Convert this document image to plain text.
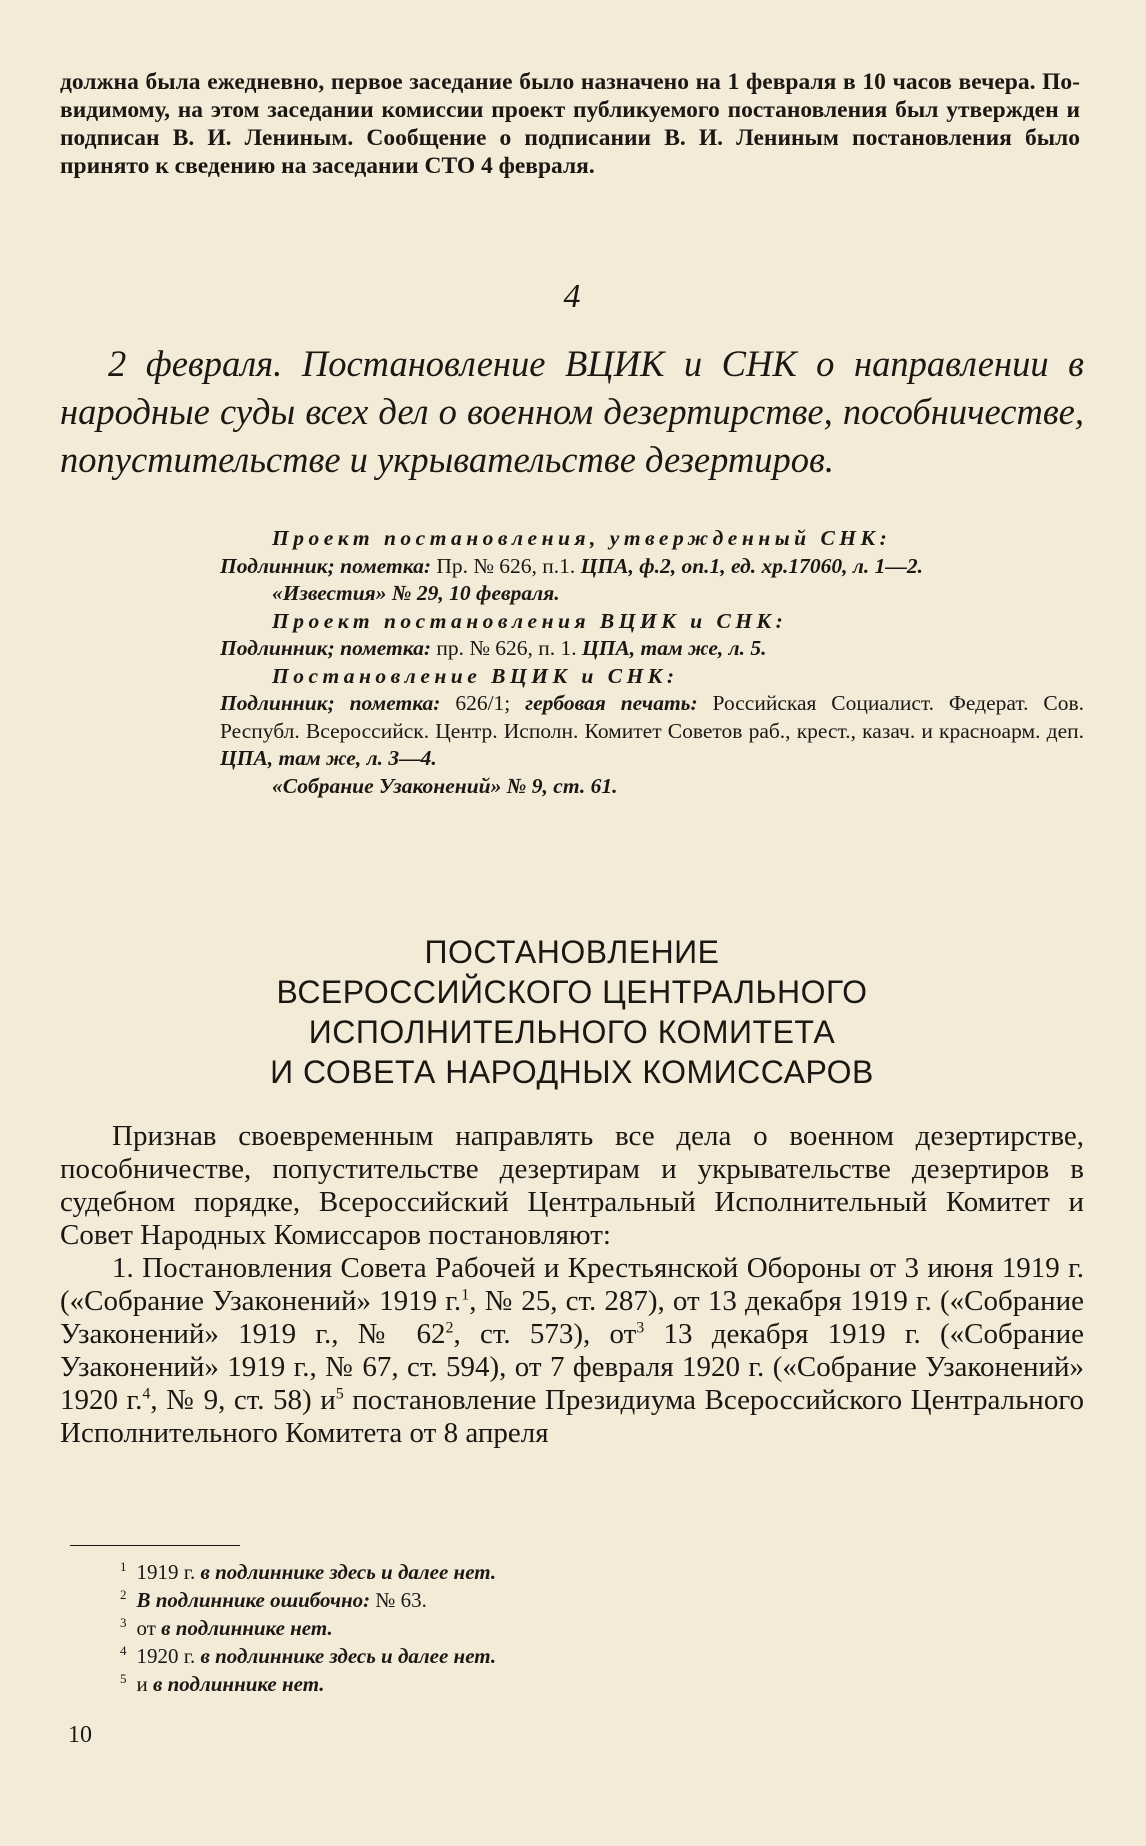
должна была ежедневно, первое заседание было назначено на 1 февраля в 10 часов вечера. По-видимому, на этом заседании комиссии проект публикуемого постановления был утвержден и подписан В. И. Лениным. Сообщение о подписании В. И. Лениным постановления было принято к сведению на заседании СТО 4 февраля.
4
2 февраля. Постановление ВЦИК и СНК о направлении в народные суды всех дел о военном дезертирстве, пособничестве, попустительстве и укрывательстве дезертиров.
Проект постановления, утвержденный СНК:
Подлинник; пометка: Пр. № 626, п.1. ЦПА, ф.2, оп.1, ед. хр.17060, л. 1—2.
«Известия» № 29, 10 февраля.
Проект постановления ВЦИК и СНК:
Подлинник; пометка: пр. № 626, п. 1. ЦПА, там же, л. 5.
Постановление ВЦИК и СНК:
Подлинник; пометка: 626/1; гербовая печать: Российская Социалист. Федерат. Сов. Республ. Всероссийск. Центр. Исполн. Комитет Советов раб., крест., казач. и красноарм. деп. ЦПА, там же, л. 3—4.
«Собрание Узаконений» № 9, ст. 61.
ПОСТАНОВЛЕНИЕ
ВСЕРОССИЙСКОГО ЦЕНТРАЛЬНОГО
ИСПОЛНИТЕЛЬНОГО КОМИТЕТА
И СОВЕТА НАРОДНЫХ КОМИССАРОВ

Признав своевременным направлять все дела о военном дезертирстве, пособничестве, попустительстве дезертирам и укрывательстве дезертиров в судебном порядке, Всероссийский Центральный Исполнительный Комитет и Совет Народных Комиссаров постановляют:

1. Постановления Совета Рабочей и Крестьянской Обороны от 3 июня 1919 г. («Собрание Узаконений» 1919 г.$^1$, № 25, ст. 287), от 13 декабря 1919 г. («Собрание Узаконений» 1919 г., № $62^2$, ст. 573), $от^3$ 13 декабря 1919 г. («Собрание Узаконений» 1919 г., № 67, ст. 594), от 7 февраля 1920 г. («Собрание Узаконений» 1920 г.$^4$, № 9, ст. 58) $и^5$ постановление Президиума Всероссийского Центрального Исполнительного Комитета от 8 апреля

$^1$ 1919 г. в подлиннике здесь и далее нет.
$^2$ В подлиннике ошибочно: № 63.
$^3$ от в подлиннике нет.
$^4$ 1920 г. в подлиннике здесь и далее нет.
$^5$ и в подлиннике нет.
10
